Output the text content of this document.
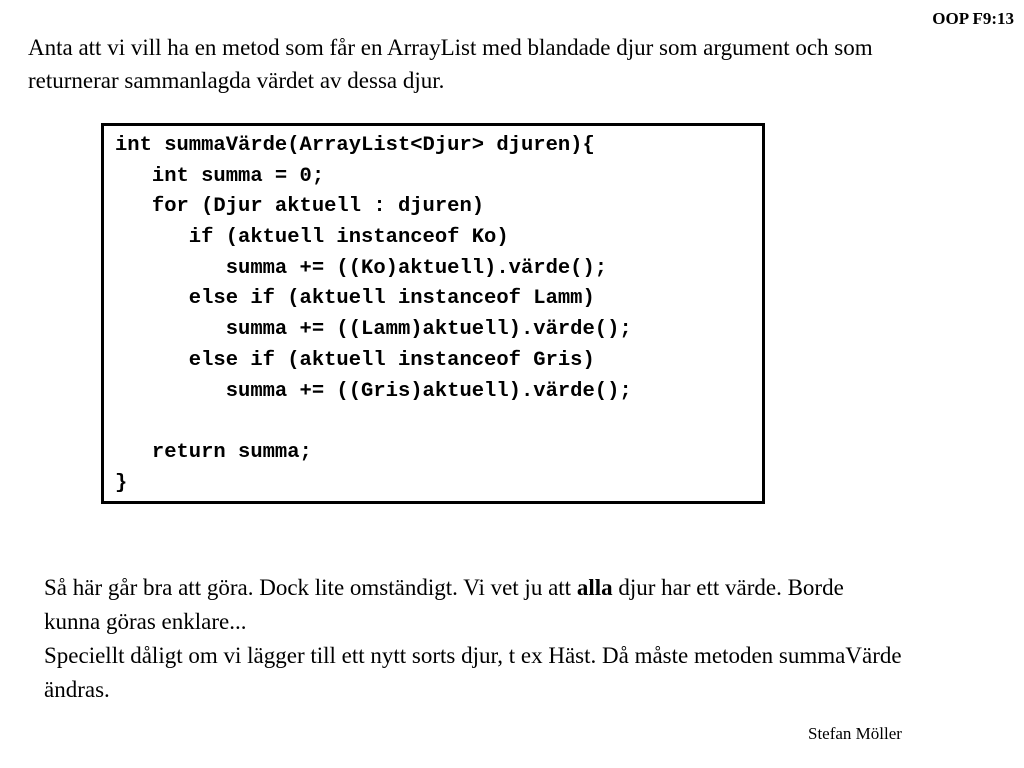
OOP F9:13
Anta att vi vill ha en metod som får en ArrayList med blandade djur som argument och som returnerar sammanlagda värdet av dessa djur.
int summaVärde(ArrayList<Djur> djuren){
int summa = 0;
for (Djur aktuell : djuren)
if (aktuell instanceof Ko)
summa += ((Ko)aktuell).värde();
else if (aktuell instanceof Lamm)
summa += ((Lamm)aktuell).värde();
else if (aktuell instanceof Gris)
summa += ((Gris)aktuell).värde();
return summa;
}

Så här går bra att göra. Dock lite omständigt. Vi vet ju att alla djur har ett värde. Borde kunna göras enklare...

Speciellt dåligt om vi lägger till ett nytt sorts djur, t ex Häst. Då måste metoden summaVärde ändras.

Stefan Möller
